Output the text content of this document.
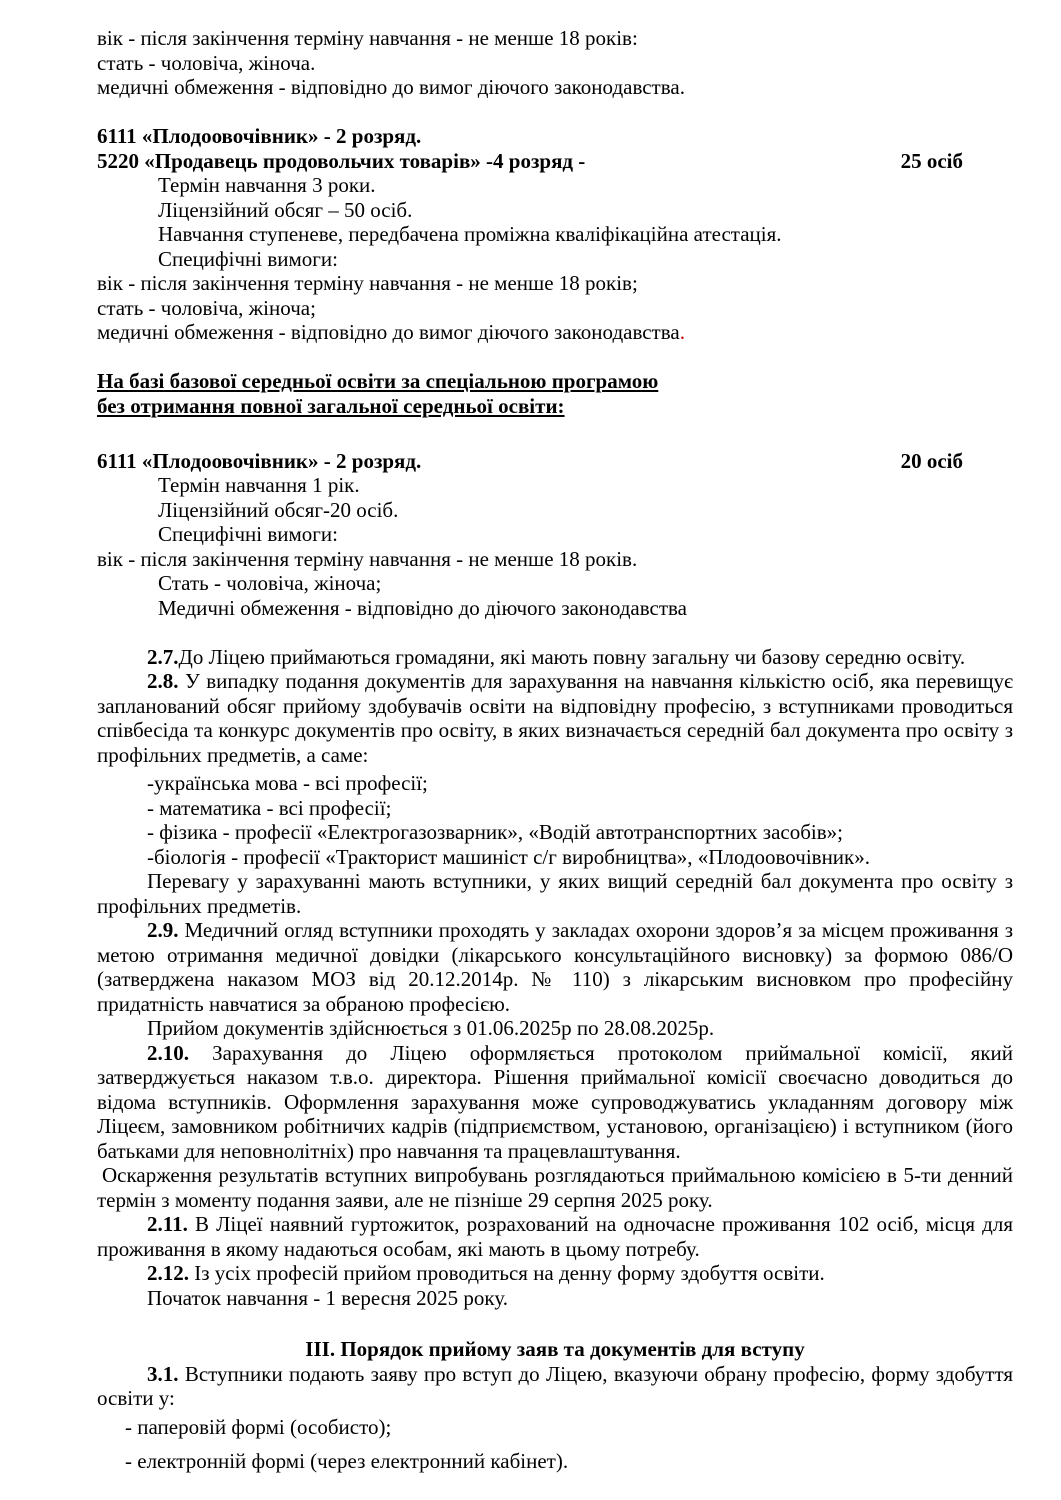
вік - після закінчення терміну навчання - не менше 18 років:

стать - чоловіча, жіноча.

медичні обмеження - відповідно до вимог діючого законодавства.

6111 «Плодоовочівник» - 2 розряд.

5220 «Продавець продовольчих товарів» -4 розряд -	25 осіб

Термін навчання 3 роки.

Ліцензійний обсяг – 50 осіб.

Навчання ступеневе, передбачена проміжна кваліфікаційна атестація.

Специфічні вимоги:

вік - після закінчення терміну навчання - не менше 18 років;

стать - чоловіча, жіноча;

медичні обмеження - відповідно до вимог діючого законодавства.

На базі базової середньої освіти за спеціальною програмою

без отримання повної загальної середньої освіти:

6111 «Плодоовочівник» - 2 розряд.	20 осіб

Термін навчання 1 рік.

Ліцензійний обсяг-20 осіб.

Специфічні вимоги:

вік - після закінчення терміну навчання - не менше 18 років.

Стать - чоловіча, жіноча;

Медичні обмеження - відповідно до діючого законодавства

2.7.До Ліцею приймаються громадяни, які мають повну загальну чи базову середню освіту.

2.8. У випадку подання документів для зарахування на навчання кількістю осіб, яка перевищує запланований обсяг прийому здобувачів освіти на відповідну професію, з вступниками проводиться співбесіда та конкурс документів про освіту, в яких визначається середній бал документа про освіту з профільних предметів, а саме:

-українська мова - всі професії;

- математика - всі професії;

- фізика - професії «Електрогазозварник», «Водій автотранспортних засобів»;

-біологія - професії «Тракторист машиніст с/г виробництва», «Плодоовочівник».

Перевагу у зарахуванні мають вступники, у яких вищий середній бал документа про освіту з профільних предметів.

2.9. Медичний огляд вступники проходять у закладах охорони здоров’я за місцем проживання з метою отримання медичної довідки (лікарського консультаційного висновку) за формою 086/О (затверджена наказом МОЗ від 20.12.2014р. № 110) з лікарським висновком про професійну придатність навчатися за обраною професією.

Прийом документів здійснюється з 01.06.2025р по 28.08.2025р.

2.10. Зарахування до Ліцею оформляється протоколом приймальної комісії, який затверджується наказом т.в.о. директора. Рішення приймальної комісії своєчасно доводиться до відома вступників. Оформлення зарахування може супроводжуватись укладанням договору між Ліцеєм, замовником робітничих кадрів (підприємством, установою, організацією) і вступником (його батьками для неповнолітніх) про навчання та працевлаштування.

Оскарження результатів вступних випробувань розглядаються приймальною комісією в 5-ти денний термін з моменту подання заяви, але не пізніше 29 серпня 2025 року.

2.11. В Ліцеї наявний гуртожиток, розрахований на одночасне проживання 102 осіб, місця для проживання в якому надаються особам, які мають в цьому потребу.

2.12. Із усіх професій прийом проводиться на денну форму здобуття освіти.

Початок навчання - 1 вересня 2025 року.

ІІІ. Порядок прийому заяв та документів для вступу

3.1. Вступники подають заяву про вступ до Ліцею, вказуючи обрану професію, форму здобуття освіти у:

- паперовій формі (особисто);

- електронній формі (через електронний кабінет).
